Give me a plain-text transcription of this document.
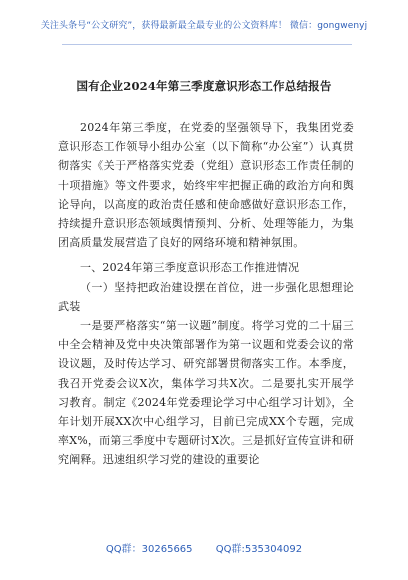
关注头条号“公文研究”，获得最新最全最专业的公文资料库！ 微信：gongwenyj
国有企业2024年第三季度意识形态工作总结报告

2024年第三季度，在党委的坚强领导下，我集团党委意识形态工作领导小组办公室（以下简称“办公室”）认真贯彻落实《关于严格落实党委（党组）意识形态工作责任制的十项措施》等文件要求，始终牢牢把握正确的政治方向和舆论导向，以高度的政治责任感和使命感做好意识形态工作，持续提升意识形态领域舆情预判、分析、处理等能力，为集团高质量发展营造了良好的网络环境和精神氛围。

一、2024年第三季度意识形态工作推进情况

（一）坚持把政治建设摆在首位，进一步强化思想理论武装

一是要严格落实“第一议题”制度。将学习党的二十届三中全会精神及党中央决策部署作为第一议题和党委会议的常设议题，及时传达学习、研究部署贯彻落实工作。本季度，我召开党委会议X次，集体学习共X次。二是要扎实开展学习教育。制定《2024年党委理论学习中心组学习计划》，全年计划开展XX次中心组学习，目前已完成XX个专题，完成率X%，而第三季度中专题研讨X次。三是抓好宣传宣讲和研究阐释。迅速组织学习党的建设的重要论

QQ群：30265665 QQ群:535304092
